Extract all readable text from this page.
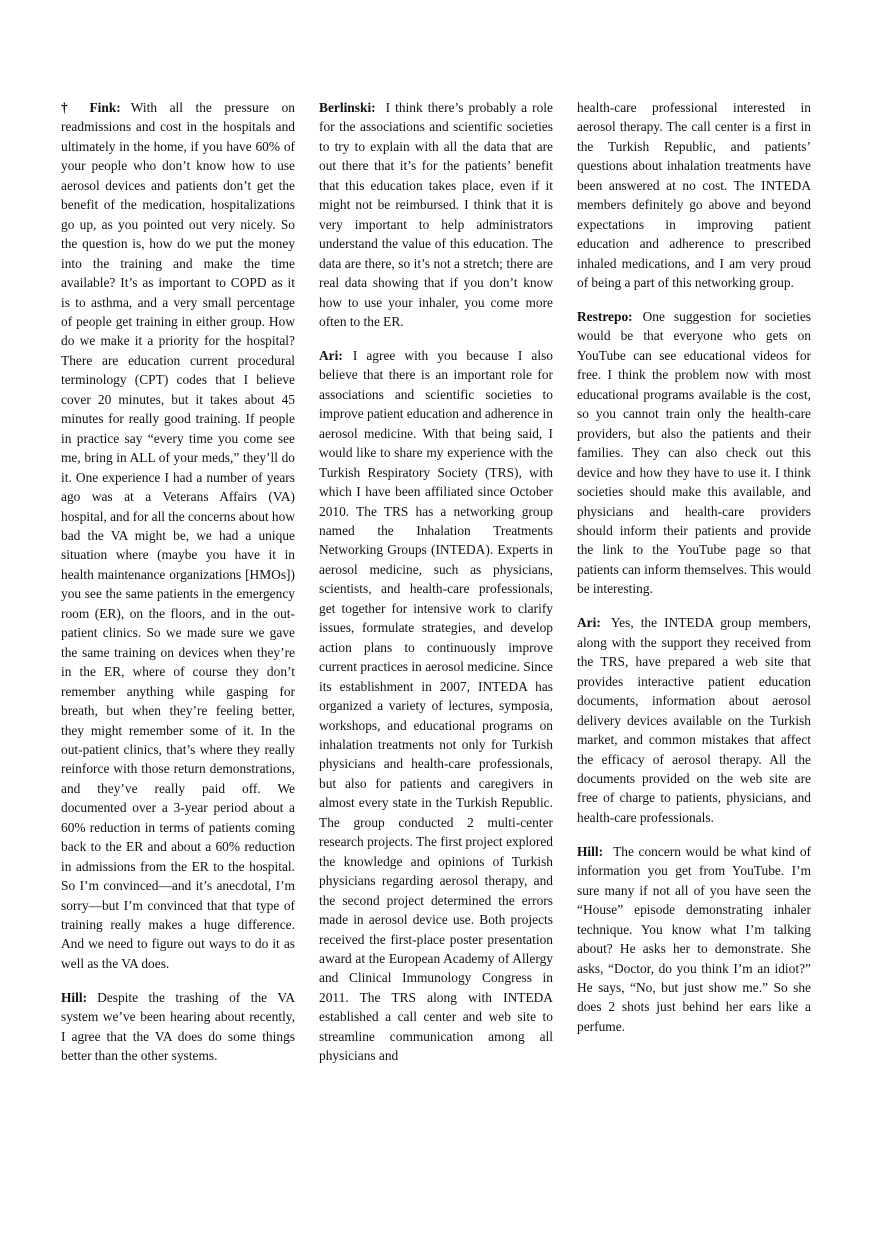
† Fink: With all the pressure on readmissions and cost in the hospitals and ultimately in the home, if you have 60% of your people who don’t know how to use aerosol devices and patients don’t get the benefit of the medication, hospitalizations go up, as you pointed out very nicely. So the question is, how do we put the money into the training and make the time available? It’s as important to COPD as it is to asthma, and a very small percentage of people get training in either group. How do we make it a priority for the hospital? There are education current procedural terminology (CPT) codes that I believe cover 20 minutes, but it takes about 45 minutes for really good training. If people in practice say “every time you come see me, bring in ALL of your meds,” they’ll do it. One experience I had a number of years ago was at a Veterans Affairs (VA) hospital, and for all the concerns about how bad the VA might be, we had a unique situation where (maybe you have it in health maintenance organizations [HMOs]) you see the same patients in the emergency room (ER), on the floors, and in the out-patient clinics. So we made sure we gave the same training on devices when they’re in the ER, where of course they don’t remember anything while gasping for breath, but when they’re feeling better, they might remember some of it. In the out-patient clinics, that’s where they really reinforce with those return demonstrations, and they’ve really paid off. We documented over a 3-year period about a 60% reduction in terms of patients coming back to the ER and about a 60% reduction in admissions from the ER to the hospital. So I’m convinced—and it’s anecdotal, I’m sorry—but I’m convinced that that type of training really makes a huge difference. And we need to figure out ways to do it as well as the VA does.

Hill: Despite the trashing of the VA system we’ve been hearing about recently, I agree that the VA does do some things better than the other systems.

Berlinski: I think there’s probably a role for the associations and scientific societies to try to explain with all the data that are out there that it’s for the patients’ benefit that this education takes place, even if it might not be reimbursed. I think that it is very important to help administrators understand the value of this education. The data are there, so it’s not a stretch; there are real data showing that if you don’t know how to use your inhaler, you come more often to the ER.

Ari: I agree with you because I also believe that there is an important role for associations and scientific societies to improve patient education and adherence in aerosol medicine. With that being said, I would like to share my experience with the Turkish Respiratory Society (TRS), with which I have been affiliated since October 2010. The TRS has a networking group named the Inhalation Treatments Networking Groups (INTEDA). Experts in aerosol medicine, such as physicians, scientists, and health-care professionals, get together for intensive work to clarify issues, formulate strategies, and develop action plans to continuously improve current practices in aerosol medicine. Since its establishment in 2007, INTEDA has organized a variety of lectures, symposia, workshops, and educational programs on inhalation treatments not only for Turkish physicians and health-care professionals, but also for patients and caregivers in almost every state in the Turkish Republic. The group conducted 2 multi-center research projects. The first project explored the knowledge and opinions of Turkish physicians regarding aerosol therapy, and the second project determined the errors made in aerosol device use. Both projects received the first-place poster presentation award at the European Academy of Allergy and Clinical Immunology Congress in 2011. The TRS along with INTEDA established a call center and web site to streamline communication among all physicians and

health-care professional interested in aerosol therapy. The call center is a first in the Turkish Republic, and patients’ questions about inhalation treatments have been answered at no cost. The INTEDA members definitely go above and beyond expectations in improving patient education and adherence to prescribed inhaled medications, and I am very proud of being a part of this networking group.

Restrepo: One suggestion for societies would be that everyone who gets on YouTube can see educational videos for free. I think the problem now with most educational programs available is the cost, so you cannot train only the health-care providers, but also the patients and their families. They can also check out this device and how they have to use it. I think societies should make this available, and physicians and health-care providers should inform their patients and provide the link to the YouTube page so that patients can inform themselves. This would be interesting.

Ari: Yes, the INTEDA group members, along with the support they received from the TRS, have prepared a web site that provides interactive patient education documents, information about aerosol delivery devices available on the Turkish market, and common mistakes that affect the efficacy of aerosol therapy. All the documents provided on the web site are free of charge to patients, physicians, and health-care professionals.

Hill: The concern would be what kind of information you get from YouTube. I’m sure many if not all of you have seen the “House” episode demonstrating inhaler technique. You know what I’m talking about? He asks her to demonstrate. She asks, “Doctor, do you think I’m an idiot?” He says, “No, but just show me.” So she does 2 shots just behind her ears like a perfume.
